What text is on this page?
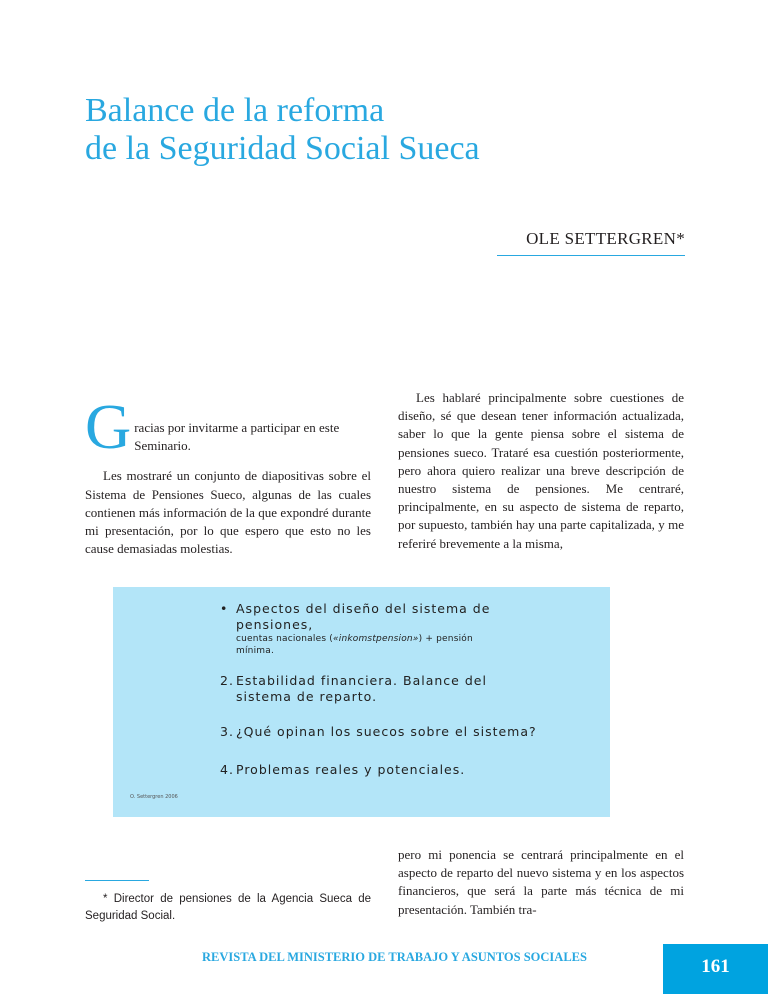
Balance de la reforma
de la Seguridad Social Sueca
OLE SETTERGREN*
G racias por invitarme a participar en este Seminario.

Les mostraré un conjunto de diapositivas sobre el Sistema de Pensiones Sueco, algunas de las cuales contienen más información de la que expondré durante mi presentación, por lo que espero que esto no les cause demasiadas molestias.

Les hablaré principalmente sobre cuestiones de diseño, sé que desean tener información actualizada, saber lo que la gente piensa sobre el sistema de pensiones sueco. Trataré esa cuestión posteriormente, pero ahora quiero realizar una breve descripción de nuestro sistema de pensiones. Me centraré, principalmente, en su aspecto de sistema de reparto, por supuesto, también hay una parte capitalizada, y me referiré brevemente a la misma,

• Aspectos del diseño del sistema de pensiones,
cuentas nacionales («inkomstpension») + pensión mínima.
2. Estabilidad financiera. Balance del sistema de reparto.
3. ¿Qué opinan los suecos sobre el sistema?
4. Problemas reales y potenciales.
O. Settergren 2006
* Director de pensiones de la Agencia Sueca de Seguridad Social.
pero mi ponencia se centrará principalmente en el aspecto de reparto del nuevo sistema y en los aspectos financieros, que será la parte más técnica de mi presentación. También tra-
REVISTA DEL MINISTERIO DE TRABAJO Y ASUNTOS SOCIALES	161
